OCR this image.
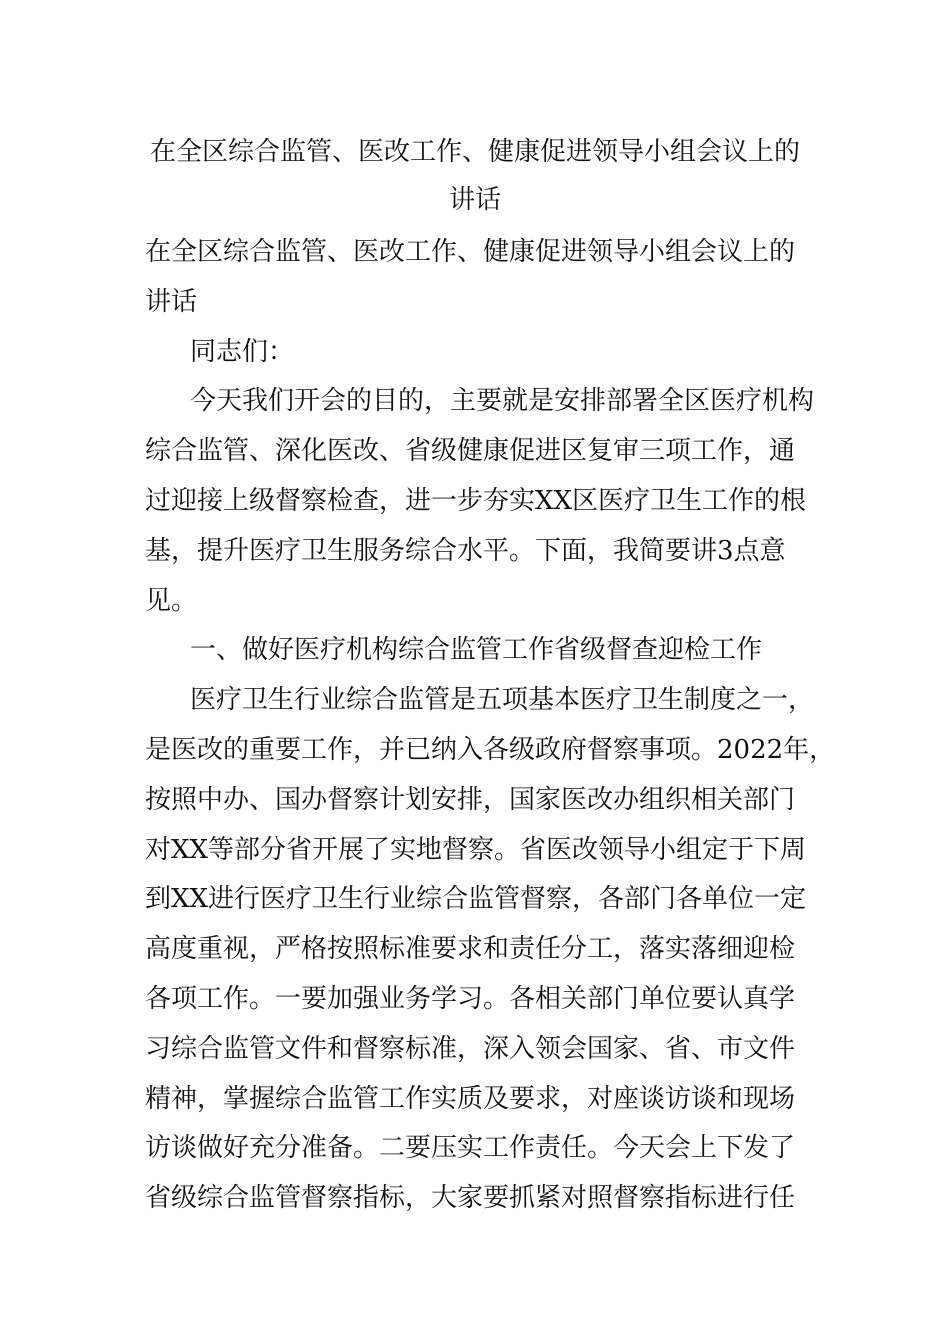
在全区综合监管、医改工作、健康促进领导小组会议上的
讲话
在全区综合监管、医改工作、健康促进领导小组会议上的
讲话
同志们：
今天我们开会的目的，主要就是安排部署全区医疗机构
综合监管、深化医改、省级健康促进区复审三项工作，通
过迎接上级督察检查，进一步夯实XX区医疗卫生工作的根
基，提升医疗卫生服务综合水平。下面，我简要讲3点意
见。
一、做好医疗机构综合监管工作省级督查迎检工作
医疗卫生行业综合监管是五项基本医疗卫生制度之一，
是医改的重要工作，并已纳入各级政府督察事项。2022年，
按照中办、国办督察计划安排，国家医改办组织相关部门
对XX等部分省开展了实地督察。省医改领导小组定于下周
到XX进行医疗卫生行业综合监管督察，各部门各单位一定
高度重视，严格按照标准要求和责任分工，落实落细迎检
各项工作。一要加强业务学习。各相关部门单位要认真学
习综合监管文件和督察标准，深入领会国家、省、市文件
精神，掌握综合监管工作实质及要求，对座谈访谈和现场
访谈做好充分准备。二要压实工作责任。今天会上下发了
省级综合监管督察指标，大家要抓紧对照督察指标进行任
